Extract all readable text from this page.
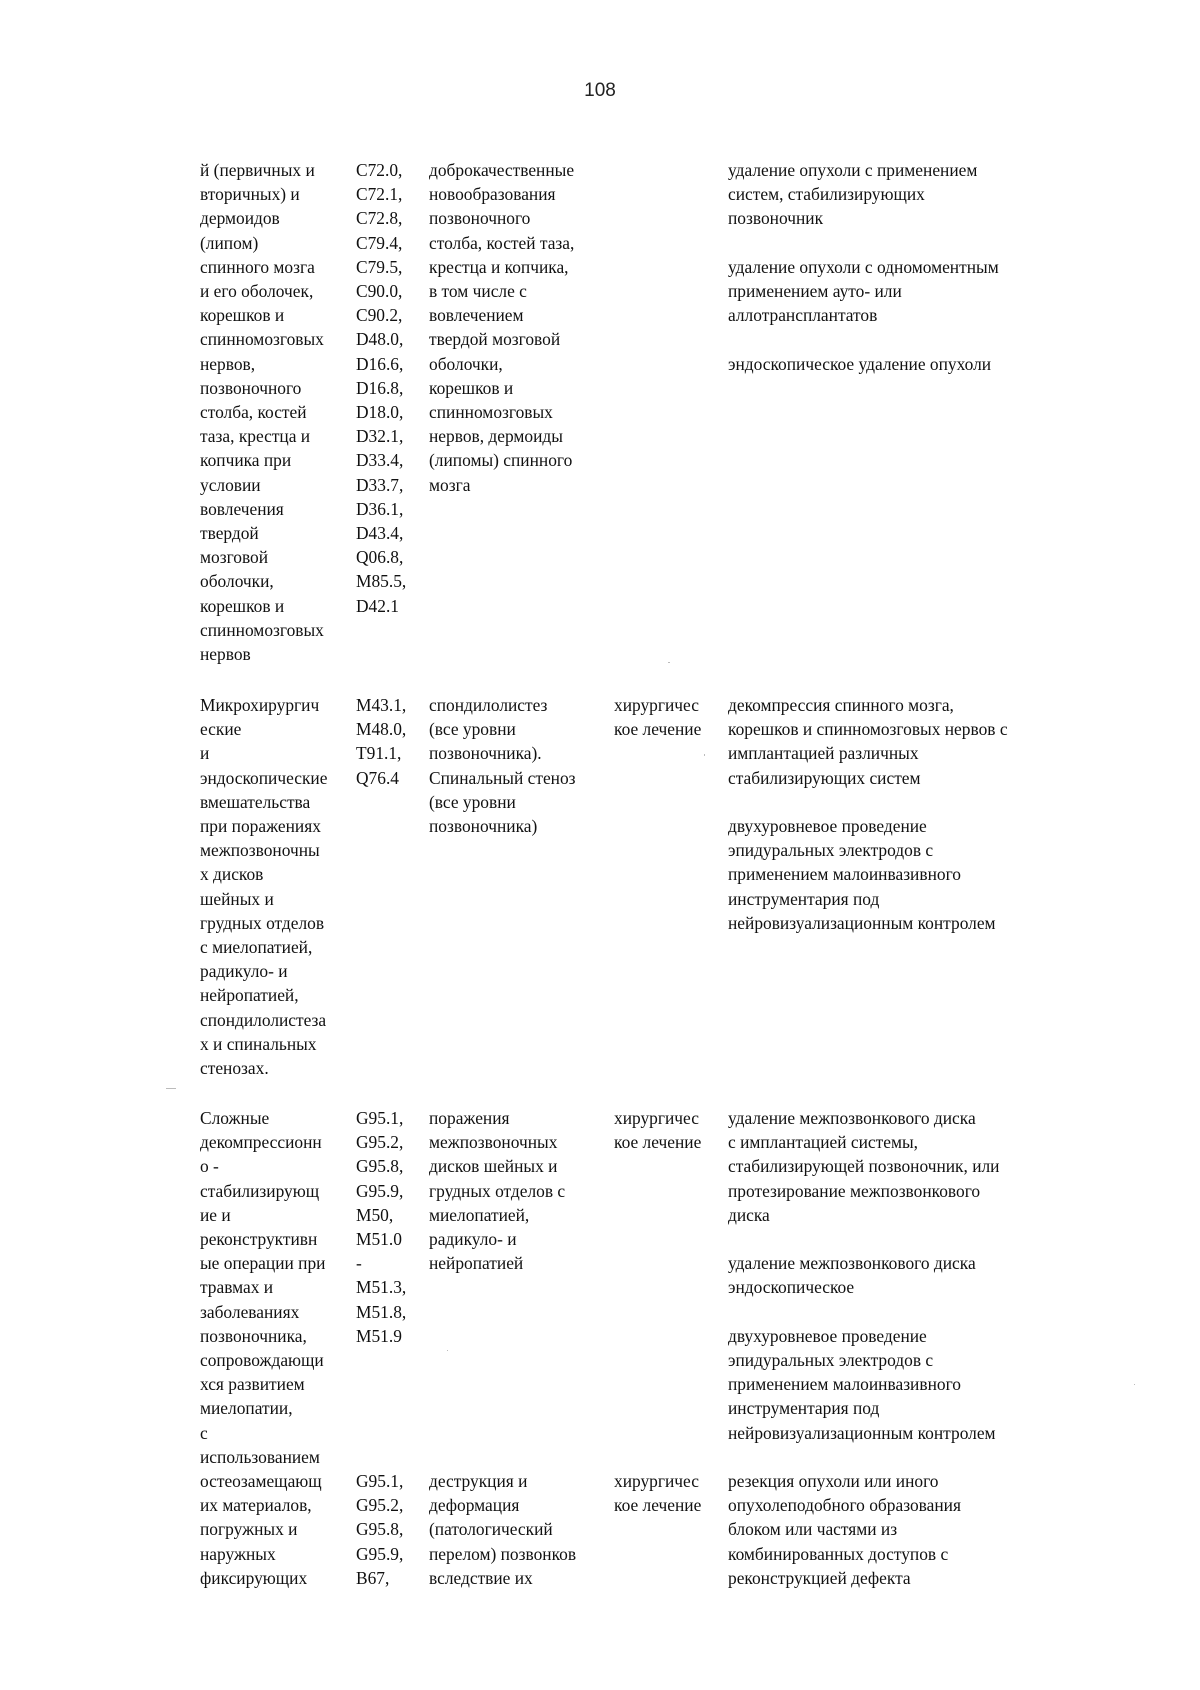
108
й (первичных и
вторичных) и
дермоидов
(липом)
спинного мозга
и его оболочек,
корешков и
спинномозговых
нервов,
позвоночного
столба, костей
таза, крестца и
копчика при
условии
вовлечения
твердой
мозговой
оболочки,
корешков и
спинномозговых
нервов
C72.0,
C72.1,
C72.8,
C79.4,
C79.5,
C90.0,
C90.2,
D48.0,
D16.6,
D16.8,
D18.0,
D32.1,
D33.4,
D33.7,
D36.1,
D43.4,
Q06.8,
M85.5,
D42.1
доброкачественные
новообразования
позвоночного
столба, костей таза,
крестца и копчика,
в том числе с
вовлечением
твердой мозговой
оболочки,
корешков и
спинномозговых
нервов, дермоиды
(липомы) спинного
мозга
удаление опухоли с применением
систем, стабилизирующих
позвоночник

удаление опухоли с одномоментным
применением ауто- или
аллотрансплантатов

эндоскопическое удаление опухоли
Микрохирургич
еские
и
эндоскопические
вмешательства
при поражениях
межпозвоночны
х дисков
шейных и
грудных отделов
с миелопатией,
радикуло- и
нейропатией,
спондилолистеза
х и спинальных
стенозах.
M43.1,
M48.0,
T91.1,
Q76.4
спондилолистез
(все уровни
позвоночника).
Спинальный стеноз
(все уровни
позвоночника)
хирургичес
кое лечение
декомпрессия спинного мозга,
корешков и спинномозговых нервов с
имплантацией различных
стабилизирующих систем

двухуровневое проведение
эпидуральных электродов с
применением малоинвазивного
инструментария под
нейровизуализационным контролем
Сложные
декомпрессионн
о -
стабилизирующ
ие и
реконструктивн
ые операции при
травмах и
заболеваниях
позвоночника,
сопровождающи
хся развитием
миелопатии,
с
использованием
G95.1,
G95.2,
G95.8,
G95.9,
M50,
M51.0
-
M51.3,
M51.8,
M51.9
поражения
межпозвоночных
дисков шейных и
грудных отделов с
миелопатией,
радикуло- и
нейропатией
хирургичес
кое лечение
удаление межпозвонкового диска
с имплантацией системы,
стабилизирующей позвоночник, или
протезирование межпозвонкового
диска

удаление межпозвонкового диска
эндоскопическое

двухуровневое проведение
эпидуральных электродов с
применением малоинвазивного
инструментария под
нейровизуализационным контролем
остеозамещающ
их материалов,
погружных и
наружных
фиксирующих
G95.1,
G95.2,
G95.8,
G95.9,
B67,
деструкция и
деформация
(патологический
перелом) позвонков
вследствие их
хирургичес
кое лечение
резекция опухоли или иного
опухолеподобного образования
блоком или частями из
комбинированных доступов с
реконструкцией дефекта
